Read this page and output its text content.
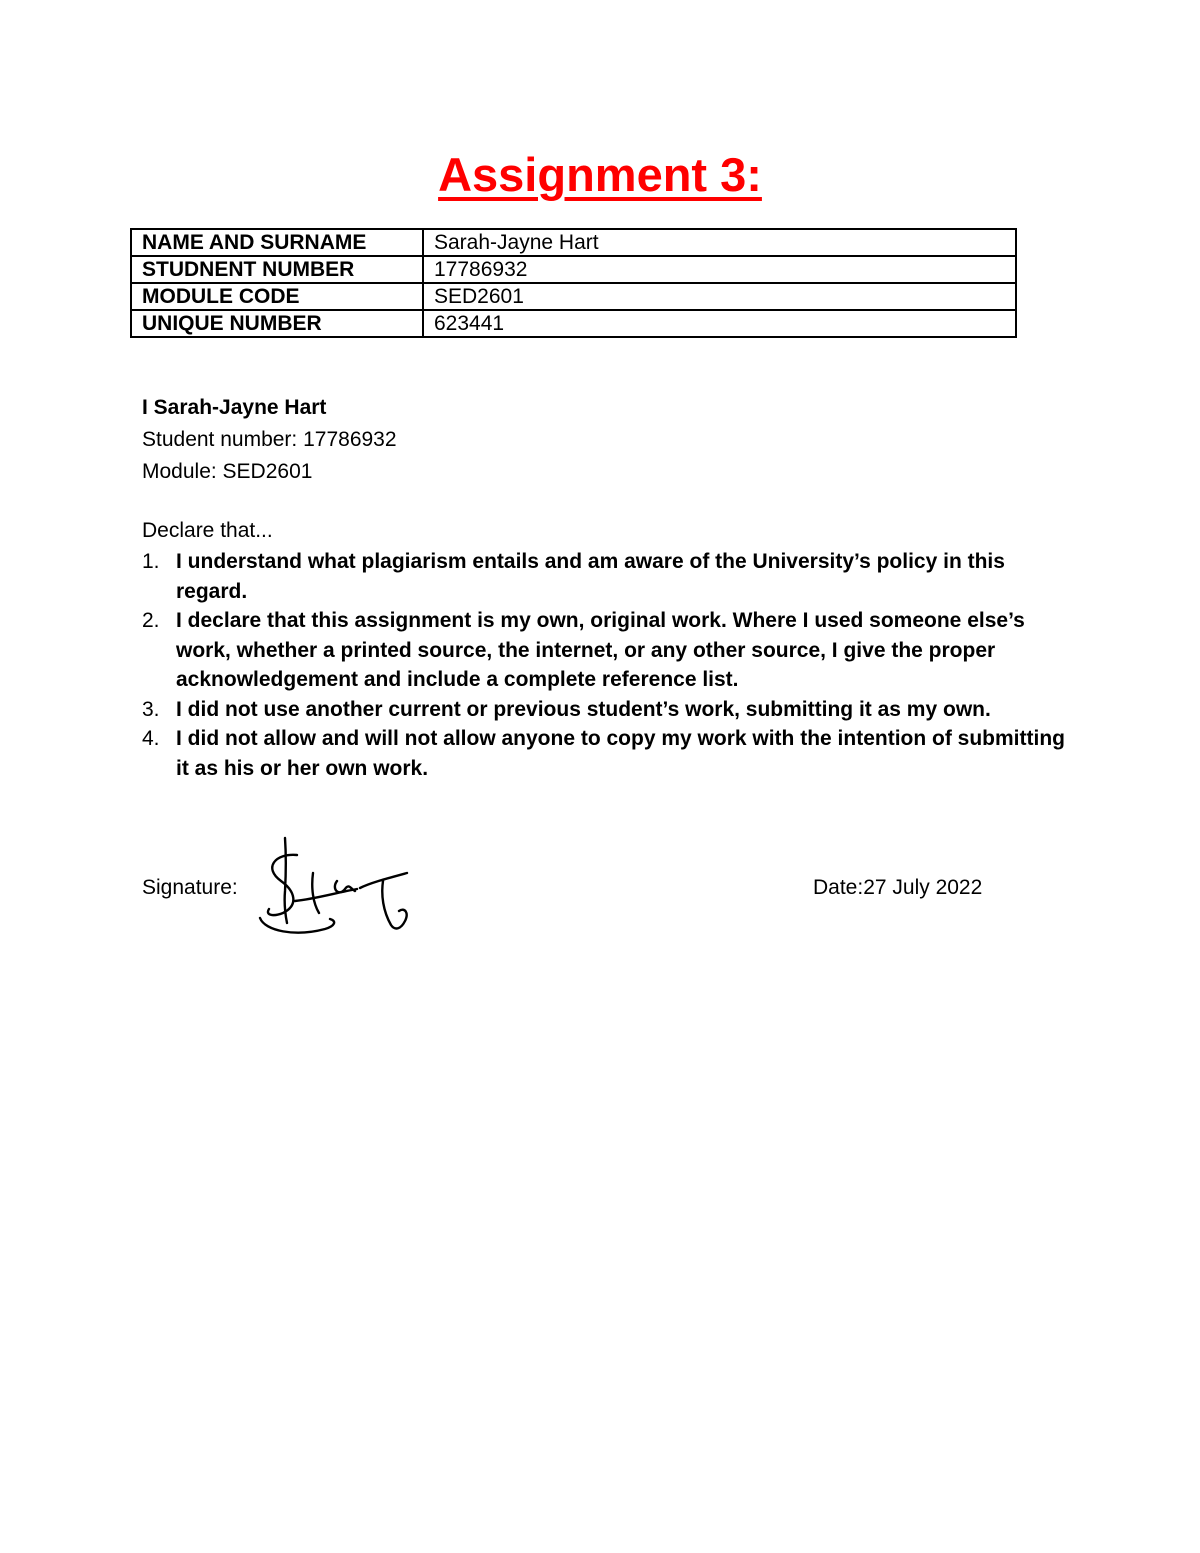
Assignment 3:
NAME AND SURNAME	Sarah-Jayne Hart
STUDNENT NUMBER	17786932
MODULE CODE	SED2601
UNIQUE NUMBER	623441
I Sarah-Jayne Hart
Student number: 17786932
Module: SED2601
Declare that...
1. I understand what plagiarism entails and am aware of the University’s policy in this regard.
2. I declare that this assignment is my own, original work. Where I used someone else’s work, whether a printed source, the internet, or any other source, I give the proper acknowledgement and include a complete reference list.
3. I did not use another current or previous student’s work, submitting it as my own.
4. I did not allow and will not allow anyone to copy my work with the intention of submitting it as his or her own work.
Signature:	Date:27 July 2022
